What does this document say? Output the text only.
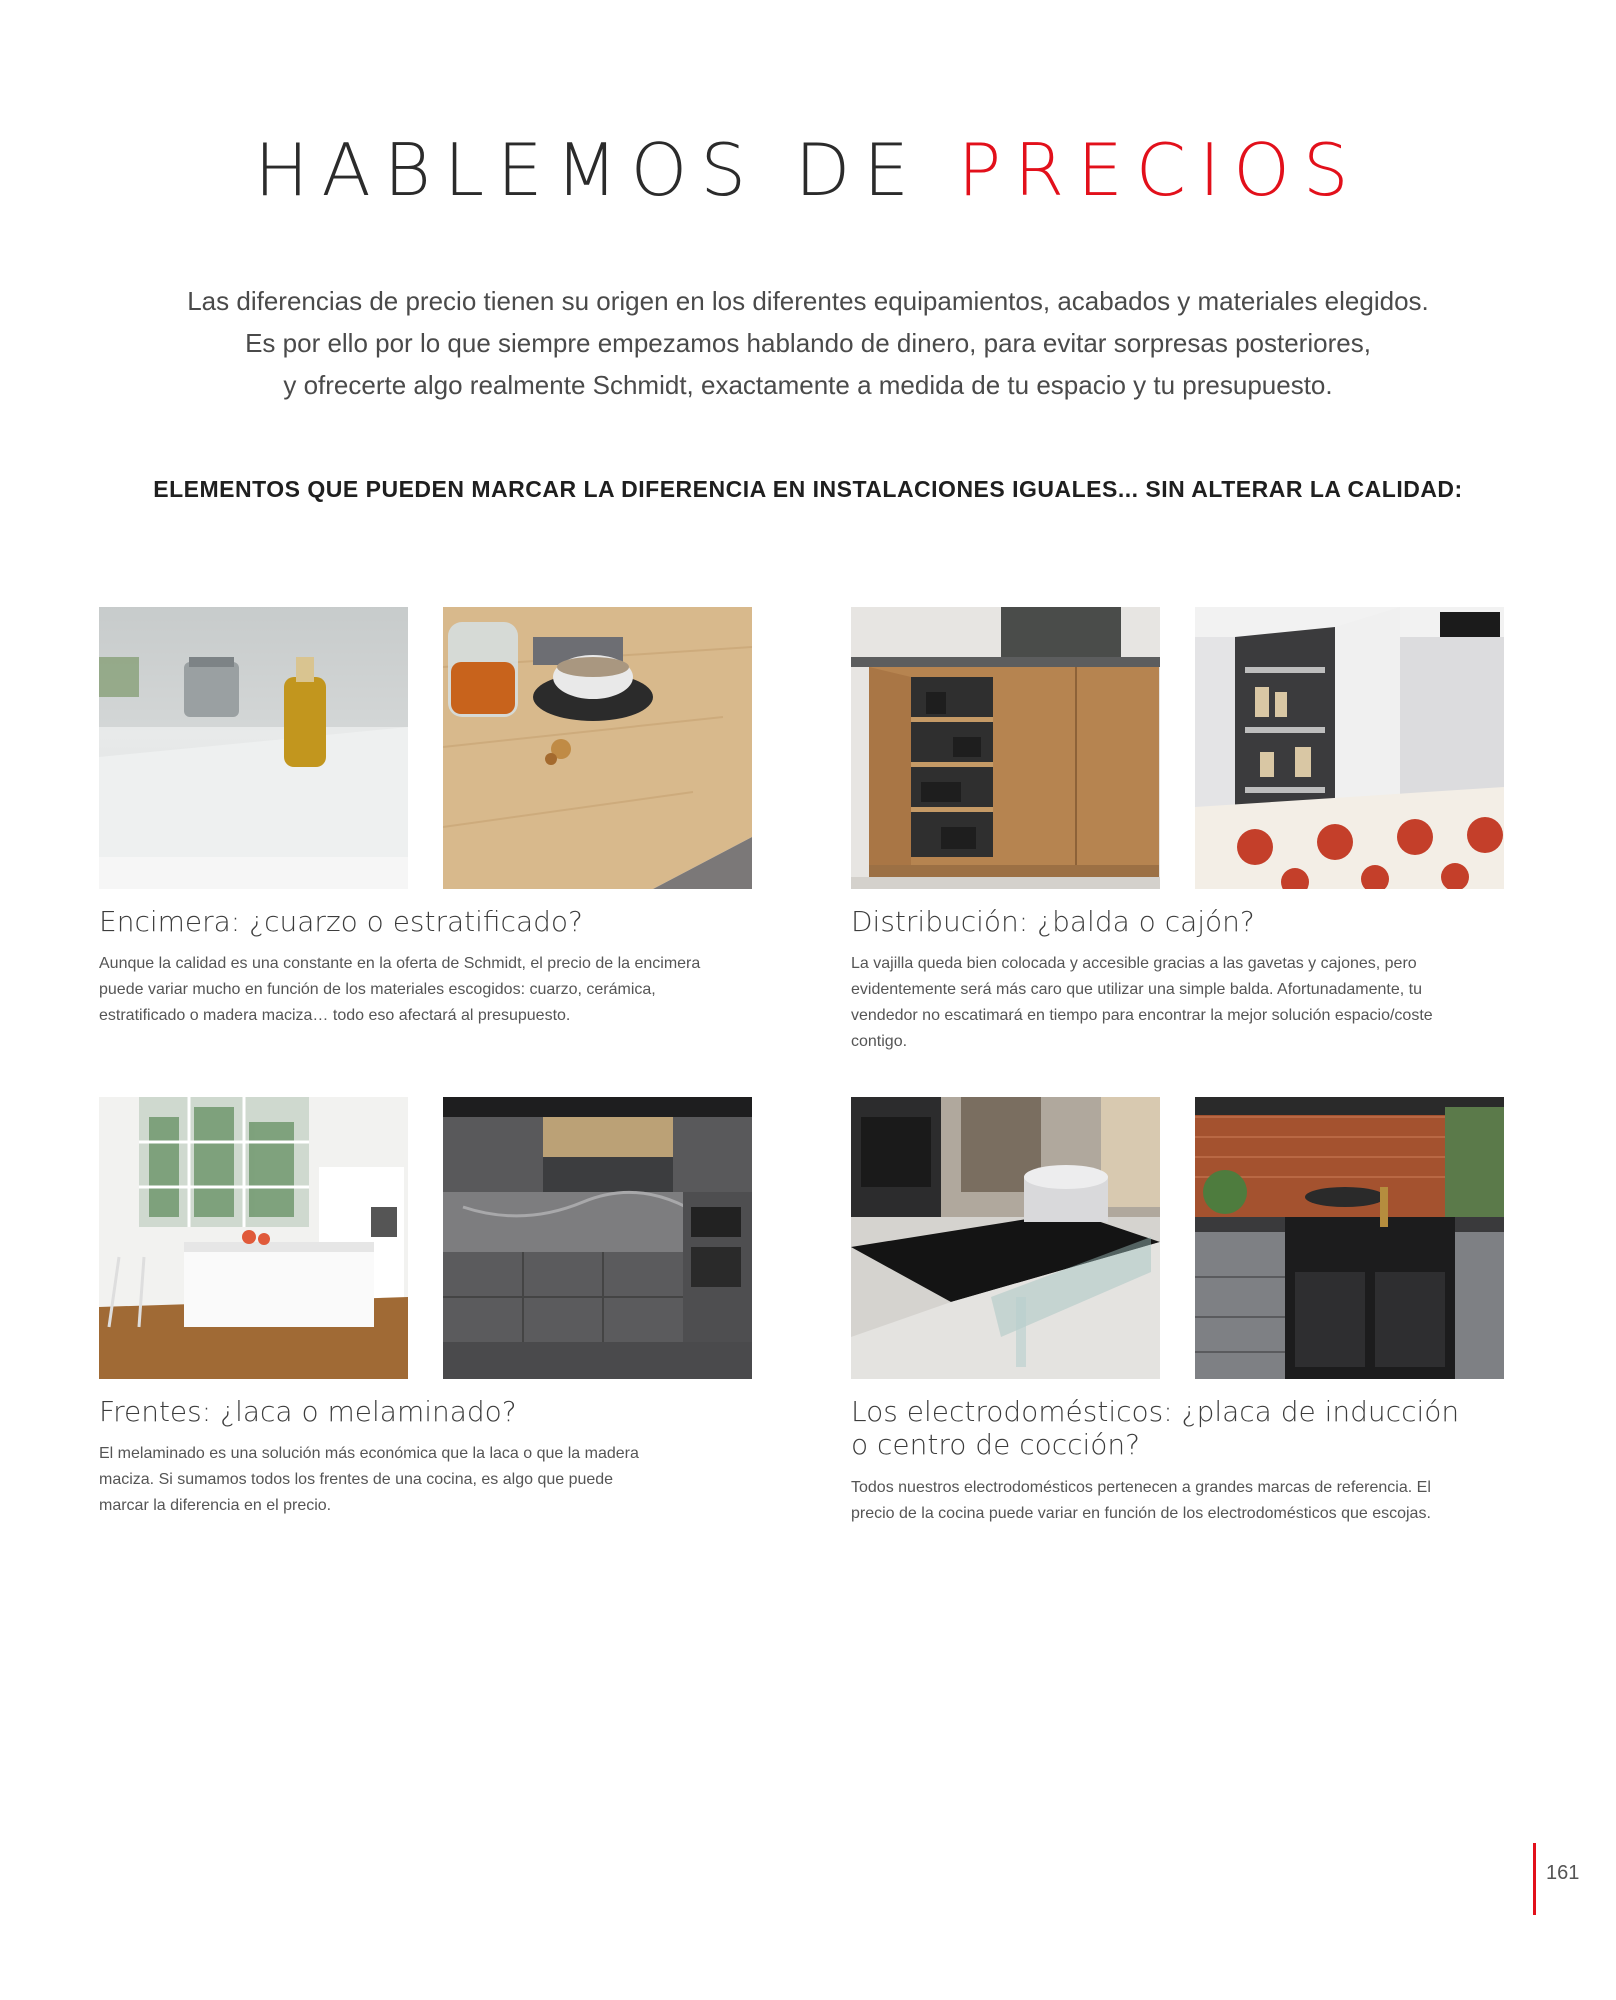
HABLEMOS DE PRECIOS

Las diferencias de precio tienen su origen en los diferentes equipamientos, acabados y materiales elegidos.

Es por ello por lo que siempre empezamos hablando de dinero, para evitar sorpresas posteriores,

y ofrecerte algo realmente Schmidt, exactamente a medida de tu espacio y tu presupuesto.

ELEMENTOS QUE PUEDEN MARCAR LA DIFERENCIA EN INSTALACIONES IGUALES... SIN ALTERAR LA CALIDAD:
Encimera: ¿cuarzo o estratificado?
Aunque la calidad es una constante en la oferta de Schmidt, el precio de la encimera
puede variar mucho en función de los materiales escogidos: cuarzo, cerámica,
estratificado o madera maciza… todo eso afectará al presupuesto.
Distribución: ¿balda o cajón?
La vajilla queda bien colocada y accesible gracias a las gavetas y cajones, pero
evidentemente será más caro que utilizar una simple balda. Afortunadamente, tu
vendedor no escatimará en tiempo para encontrar la mejor solución espacio/coste
contigo.
Frentes: ¿laca o melaminado?
El melaminado es una solución más económica que la laca o que la madera
maciza. Si sumamos todos los frentes de una cocina, es algo que puede
marcar la diferencia en el precio.
Los electrodomésticos: ¿placa de inducción
o centro de cocción?
Todos nuestros electrodomésticos pertenecen a grandes marcas de referencia. El
precio de la cocina puede variar en función de los electrodomésticos que escojas.
161
